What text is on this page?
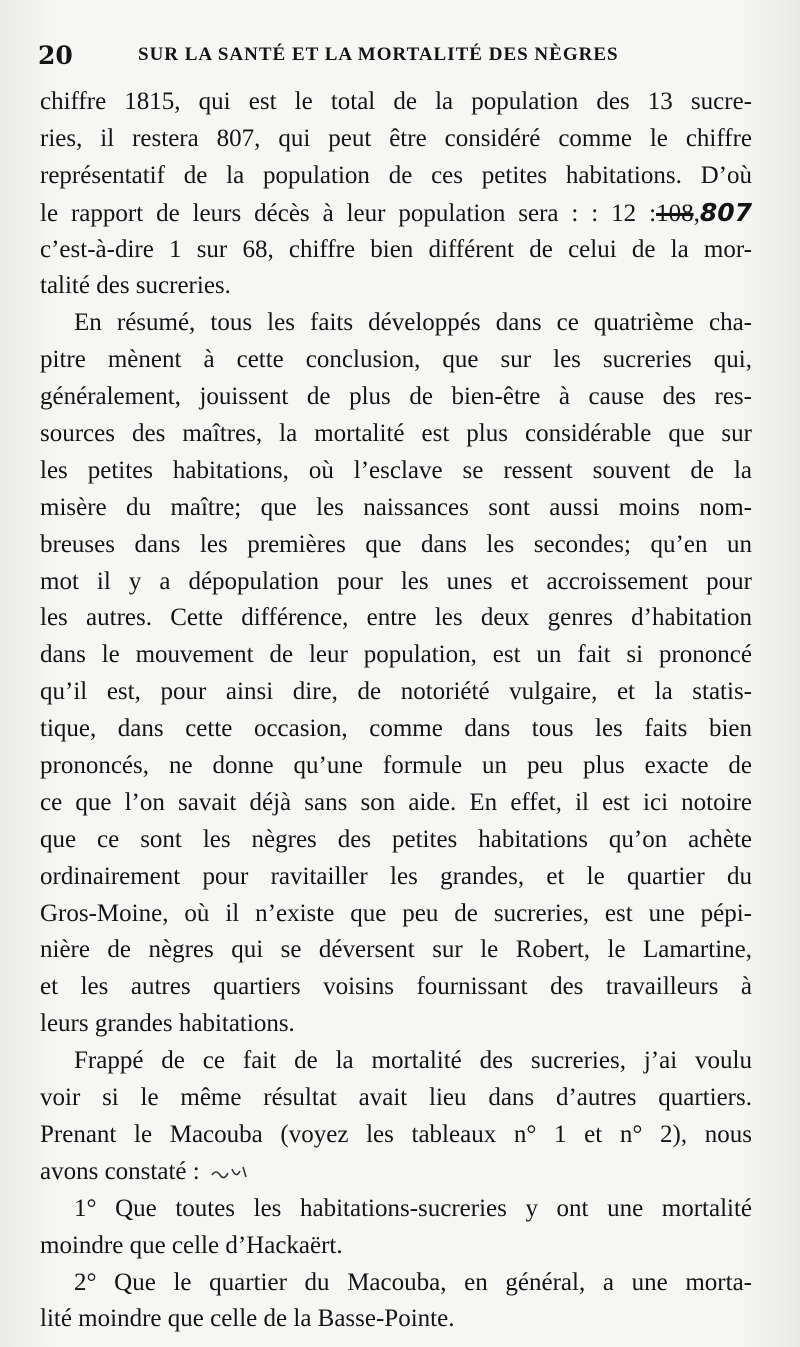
20	SUR LA SANTÉ ET LA MORTALITÉ DES NÈGRES
chiffre 1815, qui est le total de la population des 13 sucre-
ries, il restera 807, qui peut être considéré comme le chiffre
représentatif de la population de ces petites habitations. D’où
le rapport de leurs décès à leur population sera : : 12 :108,807
c’est-à-dire 1 sur 68, chiffre bien différent de celui de la mor-
talité des sucreries.
En résumé, tous les faits développés dans ce quatrième cha-
pitre mènent à cette conclusion, que sur les sucreries qui,
généralement, jouissent de plus de bien-être à cause des res-
sources des maîtres, la mortalité est plus considérable que sur
les petites habitations, où l’esclave se ressent souvent de la
misère du maître; que les naissances sont aussi moins nom-
breuses dans les premières que dans les secondes; qu’en un
mot il y a dépopulation pour les unes et accroissement pour
les autres. Cette différence, entre les deux genres d’habitation
dans le mouvement de leur population, est un fait si prononcé
qu’il est, pour ainsi dire, de notoriété vulgaire, et la statis-
tique, dans cette occasion, comme dans tous les faits bien
prononcés, ne donne qu’une formule un peu plus exacte de
ce que l’on savait déjà sans son aide. En effet, il est ici notoire
que ce sont les nègres des petites habitations qu’on achète
ordinairement pour ravitailler les grandes, et le quartier du
Gros-Moine, où il n’existe que peu de sucreries, est une pépi-
nière de nègres qui se déversent sur le Robert, le Lamartine,
et les autres quartiers voisins fournissant des travailleurs à
leurs grandes habitations.
Frappé de ce fait de la mortalité des sucreries, j’ai voulu
voir si le même résultat avait lieu dans d’autres quartiers.
Prenant le Macouba (voyez les tableaux n° 1 et n° 2), nous
avons constaté :
1° Que toutes les habitations-sucreries y ont une mortalité
moindre que celle d’Hackaërt.
2° Que le quartier du Macouba, en général, a une morta-
lité moindre que celle de la Basse-Pointe.
